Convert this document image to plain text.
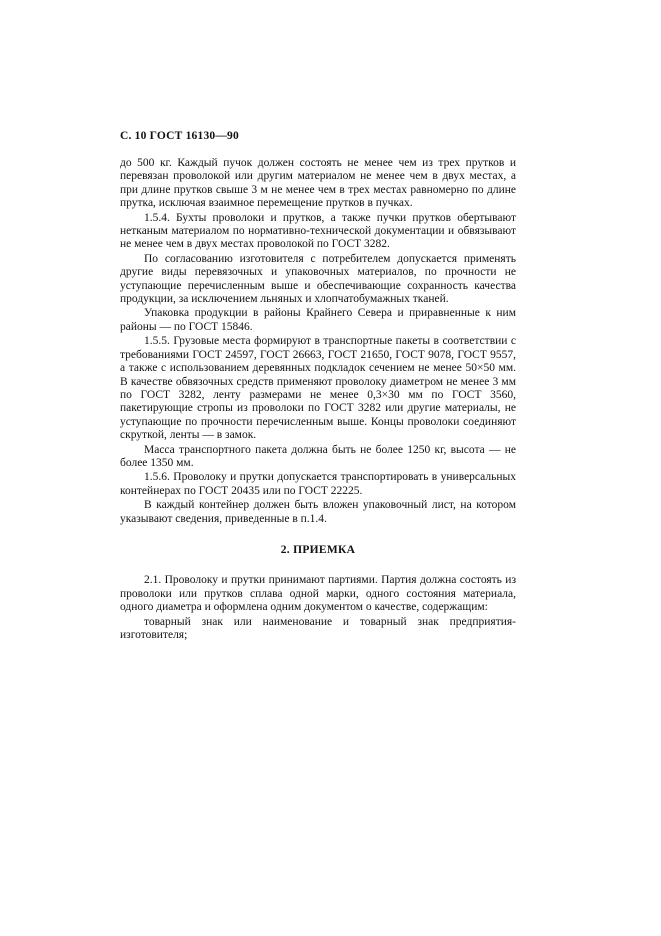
С. 10 ГОСТ 16130—90

до 500 кг. Каждый пучок должен состоять не менее чем из трех прутков и перевязан проволокой или другим материалом не менее чем в двух местах, а при длине прутков свыше 3 м не менее чем в трех местах равномерно по длине прутка, исключая взаимное перемещение прутков в пучках.

1.5.4. Бухты проволоки и прутков, а также пучки прутков обертывают нетканым материалом по нормативно-технической документации и обвязывают не менее чем в двух местах проволокой по ГОСТ 3282.

По согласованию изготовителя с потребителем допускается применять другие виды перевязочных и упаковочных материалов, по прочности не уступающие перечисленным выше и обеспечивающие сохранность качества продукции, за исключением льняных и хлопчатобумажных тканей.

Упаковка продукции в районы Крайнего Севера и приравненные к ним районы — по ГОСТ 15846.

1.5.5. Грузовые места формируют в транспортные пакеты в соответствии с требованиями ГОСТ 24597, ГОСТ 26663, ГОСТ 21650, ГОСТ 9078, ГОСТ 9557, а также с использованием деревянных подкладок сечением не менее 50×50 мм. В качестве обвязочных средств применяют проволоку диаметром не менее 3 мм по ГОСТ 3282, ленту размерами не менее 0,3×30 мм по ГОСТ 3560, пакетирующие стропы из проволоки по ГОСТ 3282 или другие материалы, не уступающие по прочности перечисленным выше. Концы проволоки соединяют скруткой, ленты — в замок.

Масса транспортного пакета должна быть не более 1250 кг, высота — не более 1350 мм.

1.5.6. Проволоку и прутки допускается транспортировать в универсальных контейнерах по ГОСТ 20435 или по ГОСТ 22225.

В каждый контейнер должен быть вложен упаковочный лист, на котором указывают сведения, приведенные в п.1.4.

2. ПРИЕМКА

2.1. Проволоку и прутки принимают партиями. Партия должна состоять из проволоки или прутков сплава одной марки, одного состояния материала, одного диаметра и оформлена одним документом о качестве, содержащим:

товарный знак или наименование и товарный знак предприятия-изготовителя;
